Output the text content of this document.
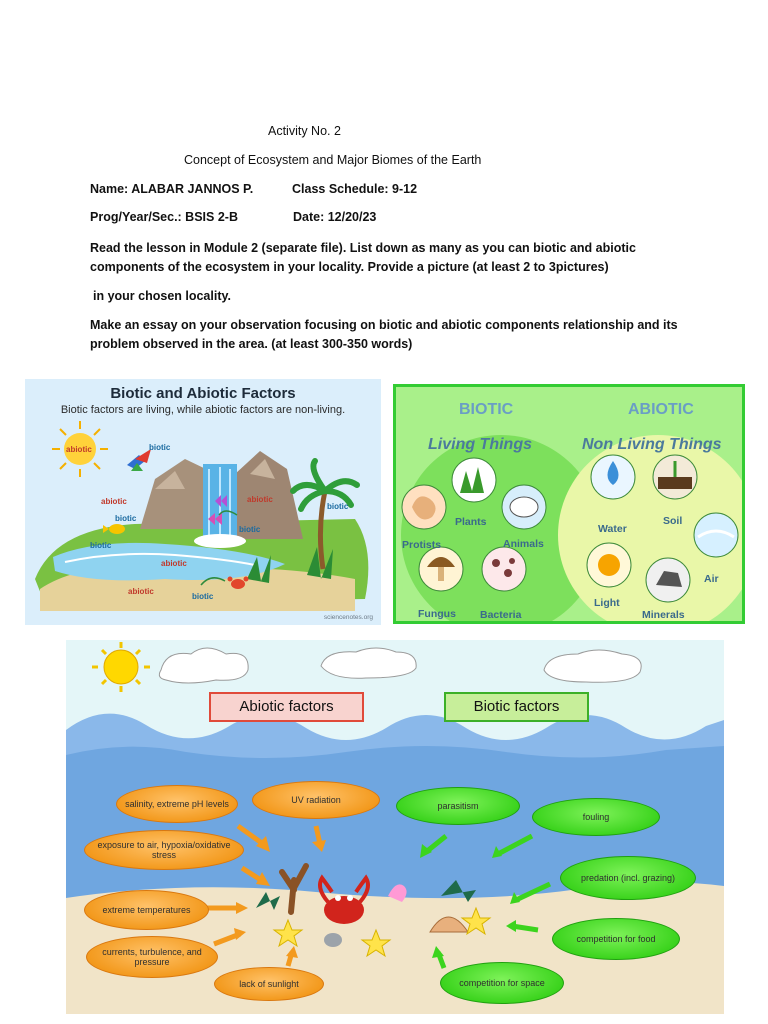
Activity No. 2
Concept of Ecosystem and Major Biomes of the Earth
Name: ALABAR JANNOS P.	Class Schedule: 9-12
Prog/Year/Sec.: BSIS 2-B	Date: 12/20/23
Read the lesson in Module 2 (separate file). List down as many as you can biotic and abiotic components of the ecosystem in your locality. Provide a picture (at least 2 to 3pictures)
in your chosen locality.
Make an essay on your observation focusing on biotic and abiotic components relationship and its problem observed in the area. (at least 300-350 words)
Biotic and Abiotic Factors
Biotic factors are living, while abiotic factors are non-living.
abiotic	biotic
abiotic	abiotic
biotic
biotic
biotic
abiotic
abiotic
biotic
biotic
sciencenotes.org
BIOTIC	ABIOTIC
Living Things	Non Living Things
Plants
Protists	Animals
Fungus Bacteria
Water
Soil
Air
Light
Minerals
Abiotic factors	Biotic factors
salinity, extreme pH levels	UV radiation
exposure to air, hypoxia/oxidative stress
extreme temperatures
currents, turbulence, and pressure
lack of sunlight
parasitism
fouling
predation (incl. grazing)
competition for food
competition for space
